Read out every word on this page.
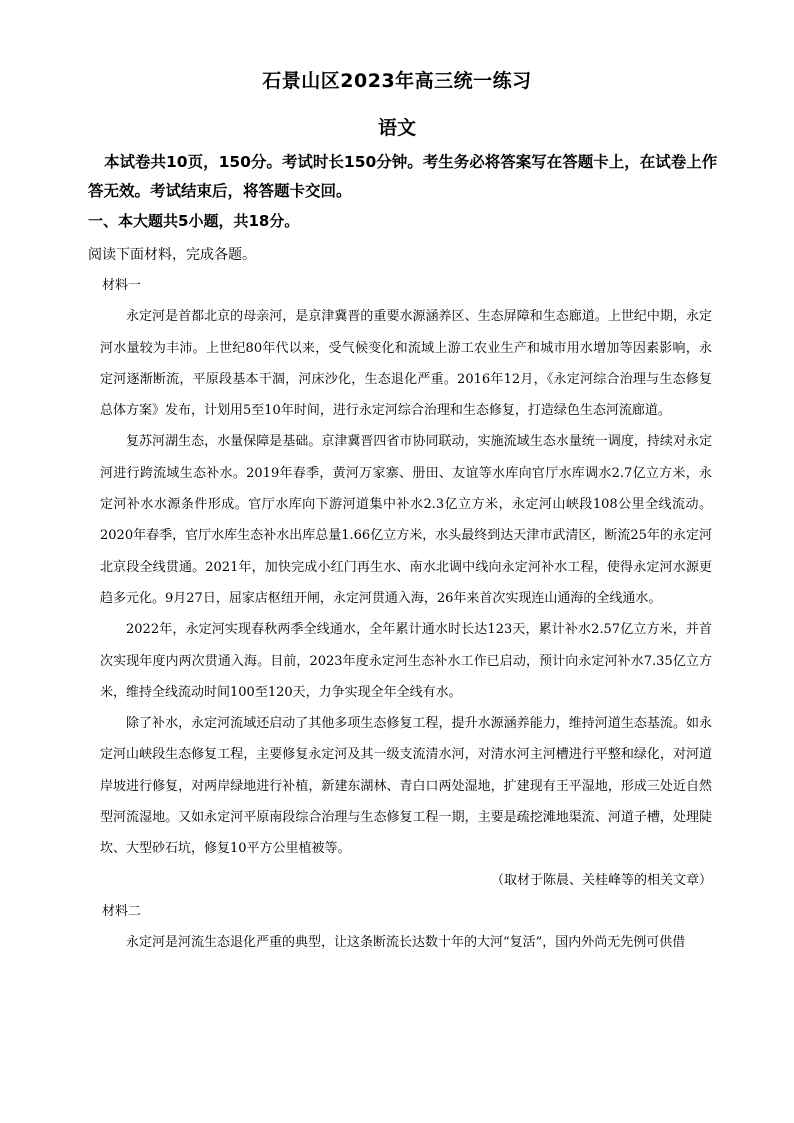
石景山区2023年高三统一练习
语文
本试卷共10页，150分。考试时长150分钟。考生务必将答案写在答题卡上，在试卷上作答无效。考试结束后，将答题卡交回。
一、本大题共5小题，共18分。
阅读下面材料，完成各题。

材料一

永定河是首都北京的母亲河，是京津冀晋的重要水源涵养区、生态屏障和生态廊道。上世纪中期，永定河水量较为丰沛。上世纪80年代以来，受气候变化和流域上游工农业生产和城市用水增加等因素影响，永定河逐渐断流，平原段基本干涸，河床沙化，生态退化严重。2016年12月，《永定河综合治理与生态修复总体方案》发布，计划用5至10年时间，进行永定河综合治理和生态修复，打造绿色生态河流廊道。

复苏河湖生态，水量保障是基础。京津冀晋四省市协同联动，实施流域生态水量统一调度，持续对永定河进行跨流域生态补水。2019年春季，黄河万家寨、册田、友谊等水库向官厅水库调水2.7亿立方米，永定河补水水源条件形成。官厅水库向下游河道集中补水2.3亿立方米，永定河山峡段108公里全线流动。2020年春季，官厅水库生态补水出库总量1.66亿立方米，水头最终到达天津市武清区，断流25年的永定河北京段全线贯通。2021年，加快完成小红门再生水、南水北调中线向永定河补水工程，使得永定河水源更趋多元化。9月27日，屈家店枢纽开闸，永定河贯通入海，26年来首次实现连山通海的全线通水。

2022年，永定河实现春秋两季全线通水，全年累计通水时长达123天，累计补水2.57亿立方米，并首次实现年度内两次贯通入海。目前，2023年度永定河生态补水工作已启动，预计向永定河补水7.35亿立方米，维持全线流动时间100至120天，力争实现全年全线有水。

除了补水，永定河流域还启动了其他多项生态修复工程，提升水源涵养能力，维持河道生态基流。如永定河山峡段生态修复工程，主要修复永定河及其一级支流清水河，对清水河主河槽进行平整和绿化，对河道岸坡进行修复，对两岸绿地进行补植，新建东湖林、青白口两处湿地，扩建现有王平湿地，形成三处近自然型河流湿地。又如永定河平原南段综合治理与生态修复工程一期，主要是疏挖滩地渠流、河道子槽，处理陡坎、大型砂石坑，修复10平方公里植被等。

（取材于陈晨、关桂峰等的相关文章）

材料二

永定河是河流生态退化严重的典型，让这条断流长达数十年的大河“复活”，国内外尚无先例可供借
